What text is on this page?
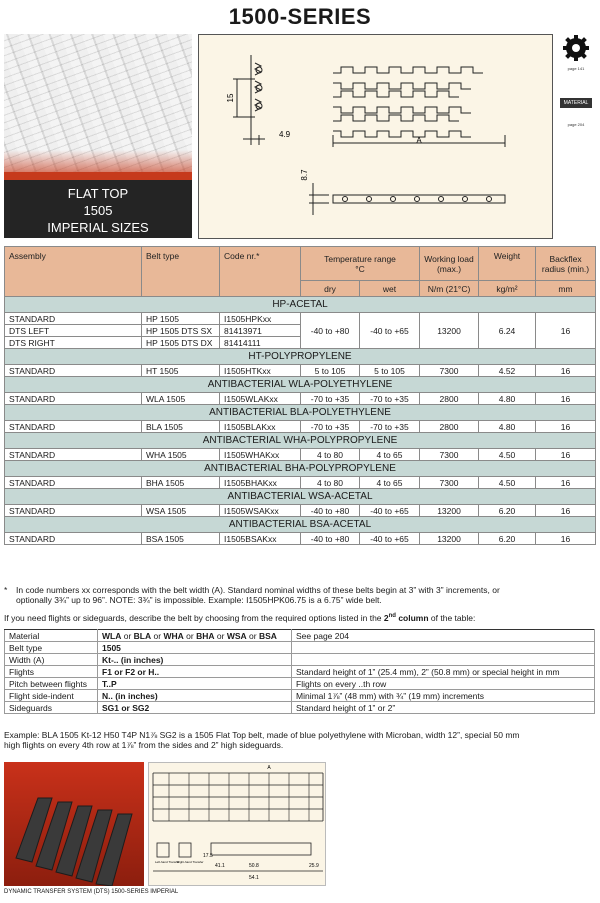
1500-SERIES
FLAT TOP
1505
IMPERIAL SIZES
15
4.9
A
8.7
page 141
MATERIAL
page 204
Assembly	Belt type	Code nr.*	Temperature range
°C		Working load (max.)	Weight	Backflex radius (min.)
			dry	wet	N/m (21°C)	kg/m²	mm
HP-ACETAL							
STANDARD	HP 1505	I1505HPKxx	-40 to +80	-40 to +65	13200	6.24	16
DTS LEFT	HP 1505 DTS SX	81413971					
DTS RIGHT	HP 1505 DTS DX	81414111					
HT-POLYPROPYLENE							
STANDARD	HT 1505	I1505HTKxx	5 to 105	5 to 105	7300	4.52	16
ANTIBACTERIAL WLA-POLYETHYLENE							
STANDARD	WLA 1505	I1505WLAKxx	-70 to +35	-70 to +35	2800	4.80	16
ANTIBACTERIAL BLA-POLYETHYLENE							
STANDARD	BLA 1505	I1505BLAKxx	-70 to +35	-70 to +35	2800	4.80	16
ANTIBACTERIAL WHA-POLYPROPYLENE							
STANDARD	WHA 1505	I1505WHAKxx	4 to 80	4 to 65	7300	4.50	16
ANTIBACTERIAL BHA-POLYPROPYLENE							
STANDARD	BHA 1505	I1505BHAKxx	4 to 80	4 to 65	7300	4.50	16
ANTIBACTERIAL WSA-ACETAL							
STANDARD	WSA 1505	I1505WSAKxx	-40 to +80	-40 to +65	13200	6.20	16
ANTIBACTERIAL BSA-ACETAL							
STANDARD	BSA 1505	I1505BSAKxx	-40 to +80	-40 to +65	13200	6.20	16
*	In code numbers xx corresponds with the belt width (A). Standard nominal widths of these belts begin at 3” with 3” increments, or
optionally 3¾” up to 96”. NOTE: 3¾” is impossible. Example: I1505HPK06.75 is a 6.75” wide belt.
If you need flights or sideguards, describe the belt by choosing from the required options listed in the 2nd column of the table:
Material	WLA or BLA or WHA or BHA or WSA or BSA	See page 204
Belt type	1505	
Width (A)	Kt-.. (in inches)	
Flights	F1 or F2 or H..	Standard height of 1” (25.4 mm), 2” (50.8 mm) or special height in mm
Pitch between flights	T..P	Flights on every ..th row
Flight side-indent	N.. (in inches)	Minimal 1⅞” (48 mm) with ¾” (19 mm) increments
Sideguards	SG1 or SG2	Standard height of 1” or 2”
Example: BLA 1505 Kt-12 H50 T4P N1⅞ SG2 is a 1505 Flat Top belt, made of blue polyethylene with Microban, width 12”, special 50 mm
high flights on every 4th row at 1⅞” from the sides and 2” high sideguards.
A
41.1	50.8
54.1
25.9
17.5
Left-hand Transfer
Right-hand Transfer
DYNAMIC TRANSFER SYSTEM (DTS) 1500-SERIES IMPERIAL
